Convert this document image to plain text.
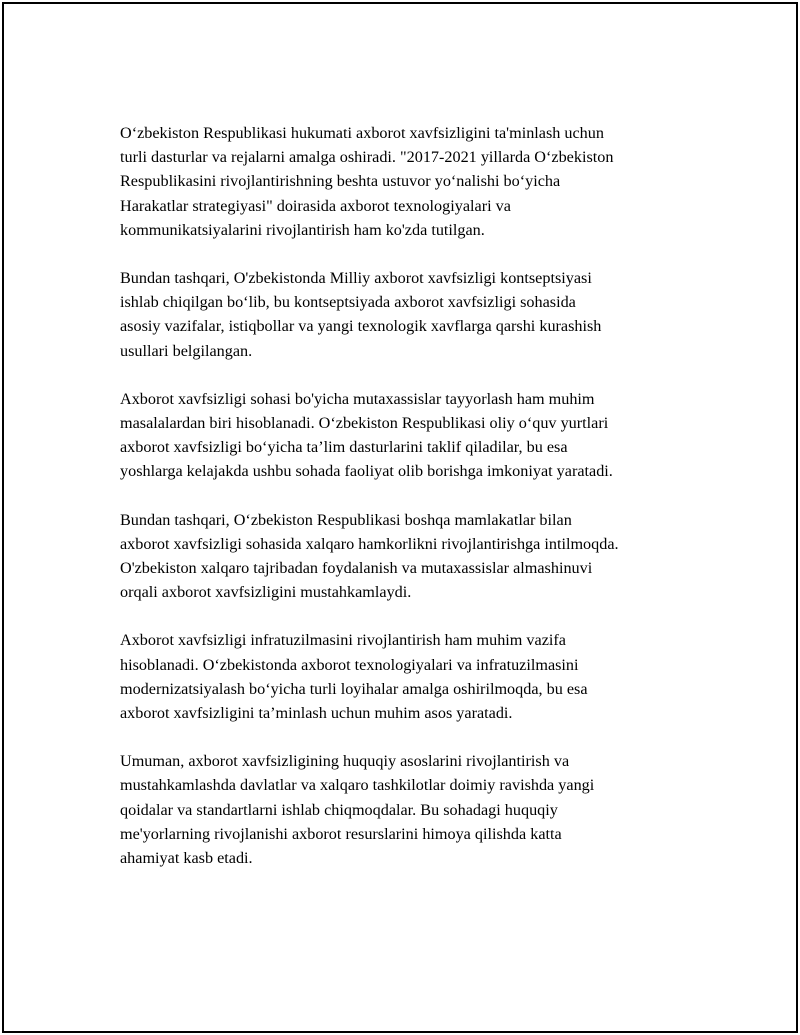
O‘zbekiston Respublikasi hukumati axborot xavfsizligini ta'minlash uchun
turli dasturlar va rejalarni amalga oshiradi. "2017-2021 yillarda O‘zbekiston
Respublikasini rivojlantirishning beshta ustuvor yo‘nalishi bo‘yicha
Harakatlar strategiyasi" doirasida axborot texnologiyalari va
kommunikatsiyalarini rivojlantirish ham ko'zda tutilgan.

Bundan tashqari, O'zbekistonda Milliy axborot xavfsizligi kontseptsiyasi
ishlab chiqilgan bo‘lib, bu kontseptsiyada axborot xavfsizligi sohasida
asosiy vazifalar, istiqbollar va yangi texnologik xavflarga qarshi kurashish
usullari belgilangan.

Axborot xavfsizligi sohasi bo'yicha mutaxassislar tayyorlash ham muhim
masalalardan biri hisoblanadi. O‘zbekiston Respublikasi oliy o‘quv yurtlari
axborot xavfsizligi bo‘yicha ta’lim dasturlarini taklif qiladilar, bu esa
yoshlarga kelajakda ushbu sohada faoliyat olib borishga imkoniyat yaratadi.

Bundan tashqari, O‘zbekiston Respublikasi boshqa mamlakatlar bilan
axborot xavfsizligi sohasida xalqaro hamkorlikni rivojlantirishga intilmoqda.
O'zbekiston xalqaro tajribadan foydalanish va mutaxassislar almashinuvi
orqali axborot xavfsizligini mustahkamlaydi.

Axborot xavfsizligi infratuzilmasini rivojlantirish ham muhim vazifa
hisoblanadi. O‘zbekistonda axborot texnologiyalari va infratuzilmasini
modernizatsiyalash bo‘yicha turli loyihalar amalga oshirilmoqda, bu esa
axborot xavfsizligini ta’minlash uchun muhim asos yaratadi.

Umuman, axborot xavfsizligining huquqiy asoslarini rivojlantirish va
mustahkamlashda davlatlar va xalqaro tashkilotlar doimiy ravishda yangi
qoidalar va standartlarni ishlab chiqmoqdalar. Bu sohadagi huquqiy
me'yorlarning rivojlanishi axborot resurslarini himoya qilishda katta
ahamiyat kasb etadi.
